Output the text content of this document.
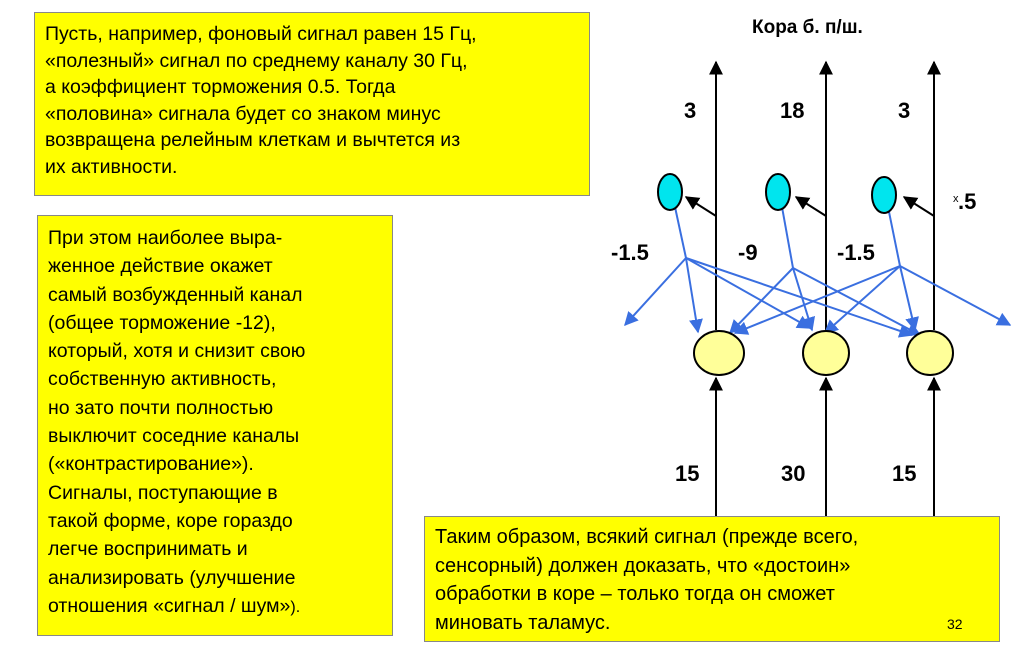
Пусть, например, фоновый сигнал равен 15 Гц,

«полезный» сигнал по среднему каналу 30 Гц,

а коэффициент торможения 0.5. Тогда

«половина» сигнала будет со знаком минус

возвращена релейным клеткам и вычтется из

их активности.

При этом наиболее выра-

женное действие окажет

самый возбужденный канал

(общее торможение -12),

который, хотя и снизит свою

собственную активность,

но зато почти полностью

выключит соседние каналы

(«контрастирование»).

Сигналы, поступающие в

такой форме, коре гораздо

легче воспринимать и

анализировать (улучшение

отношения «сигнал / шум»).

Таким образом, всякий сигнал (прежде всего,

сенсорный) должен доказать, что «достоин»

обработки в коре – только тогда он сможет

миновать таламус.

Кора б. п/ш.
3	18	3
-1.5	-9	-1.5
x .5
15	30	15
32
